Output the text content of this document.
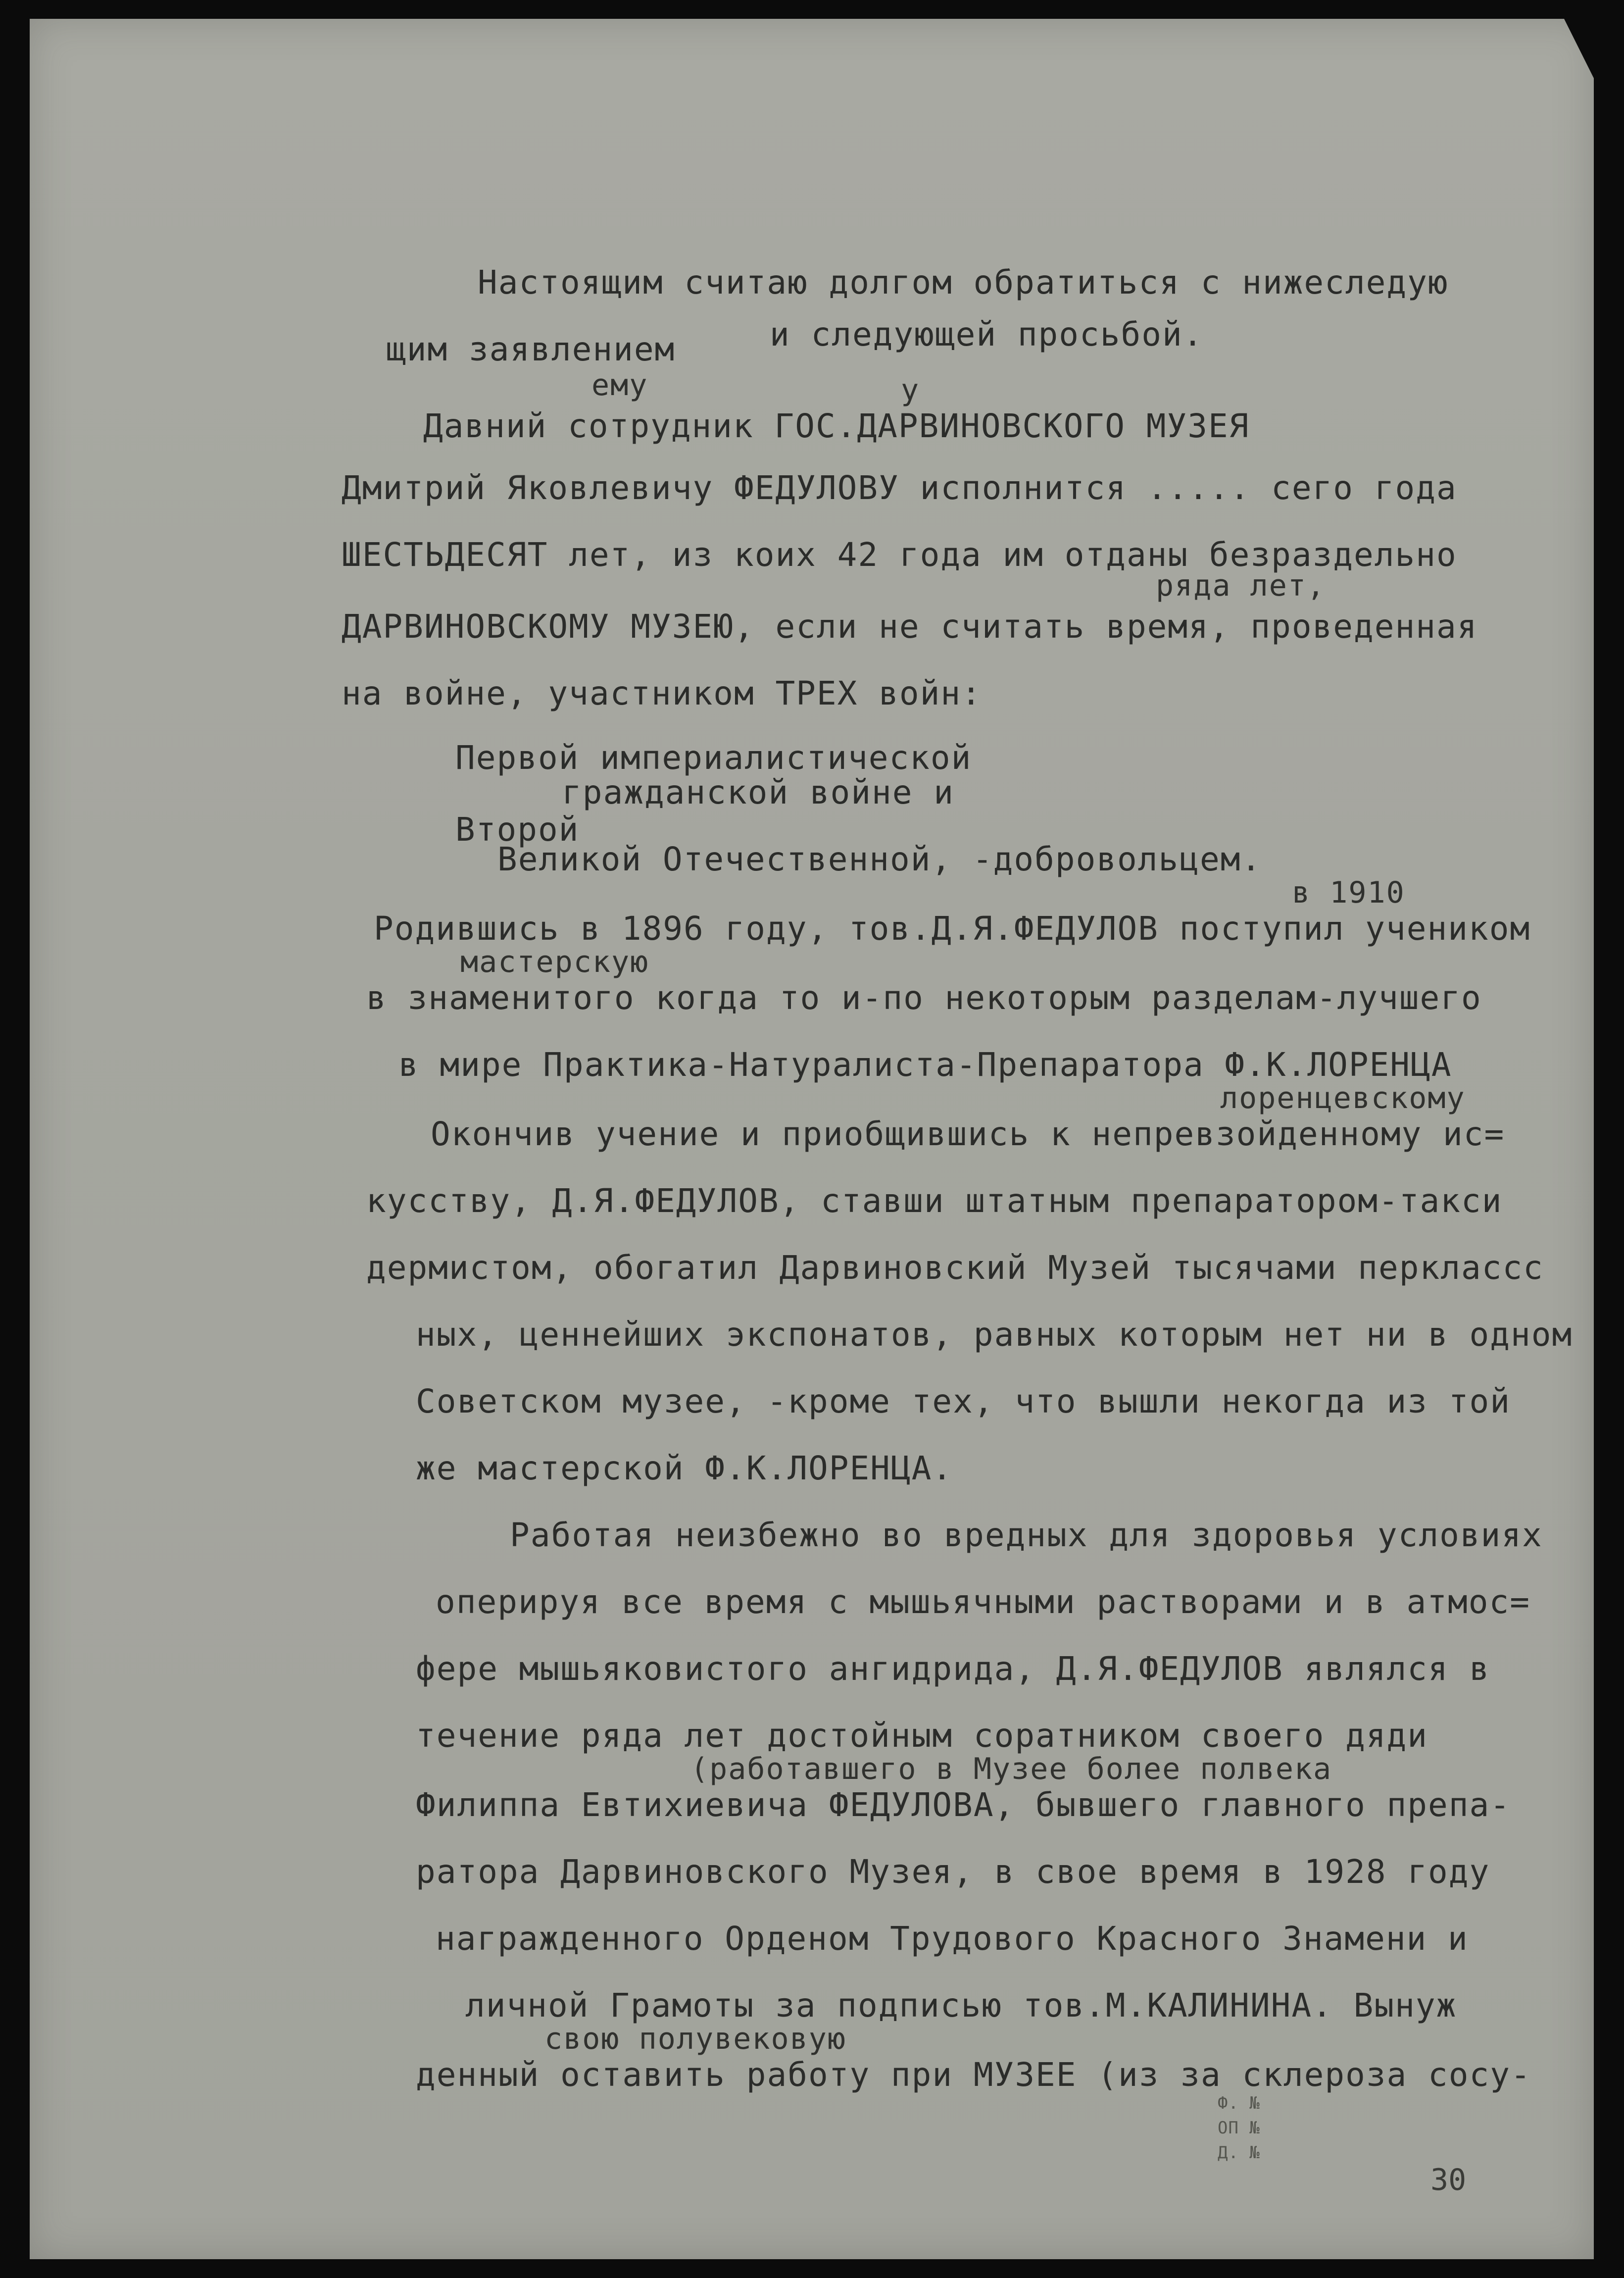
Настоящим считаю долгом обратиться с нижеследую
щим заявлением	и следующей просьбой.
ему	у
Давний сотрудник ГОС.ДАРВИНОВСКОГО МУЗЕЯ
Дмитрий Яковлевичу ФЕДУЛОВУ исполнится ..... сего года
ШЕСТЬДЕСЯТ лет, из коих 42 года им отданы безраздельно
ряда лет,
ДАРВИНОВСКОМУ МУЗЕЮ, если не считать время, проведенная
на войне, участником ТРЕХ войн:
Первой империалистической
гражданской войне и
Второй
Великой Отечественной, -добровольцем.
в 1910
Родившись в 1896 году, тов.Д.Я.ФЕДУЛОВ поступил учеником
мастерскую
в знаменитого когда то и-по некоторым разделам-лучшего
в мире Практика-Натуралиста-Препаратора Ф.К.ЛОРЕНЦА
лоренцевскому
Окончив учение и приобщившись к непревзойденному ис=
кусству, Д.Я.ФЕДУЛОВ, ставши штатным препаратором-такси
дермистом, обогатил Дарвиновский Музей тысячами перклассс
ных, ценнейших экспонатов, равных которым нет ни в одном
Советском музее, -кроме тех, что вышли некогда из той
же мастерской Ф.К.ЛОРЕНЦА.
Работая неизбежно во вредных для здоровья условиях
оперируя все время с мышьячными растворами и в атмос=
фере мышьяковистого ангидрида, Д.Я.ФЕДУЛОВ являлся в
течение ряда лет достойным соратником своего дяди
(работавшего в Музее более полвека
Филиппа Евтихиевича ФЕДУЛОВА, бывшего главного препа-
ратора Дарвиновского Музея, в свое время в 1928 году
награжденного Орденом Трудового Красного Знамени и
личной Грамоты за подписью тов.М.КАЛИНИНА. Вынуж
свою полувековую
денный оставить работу при МУЗЕЕ (из за склероза сосу-
Ф. №
ОП №
Д. №
30
